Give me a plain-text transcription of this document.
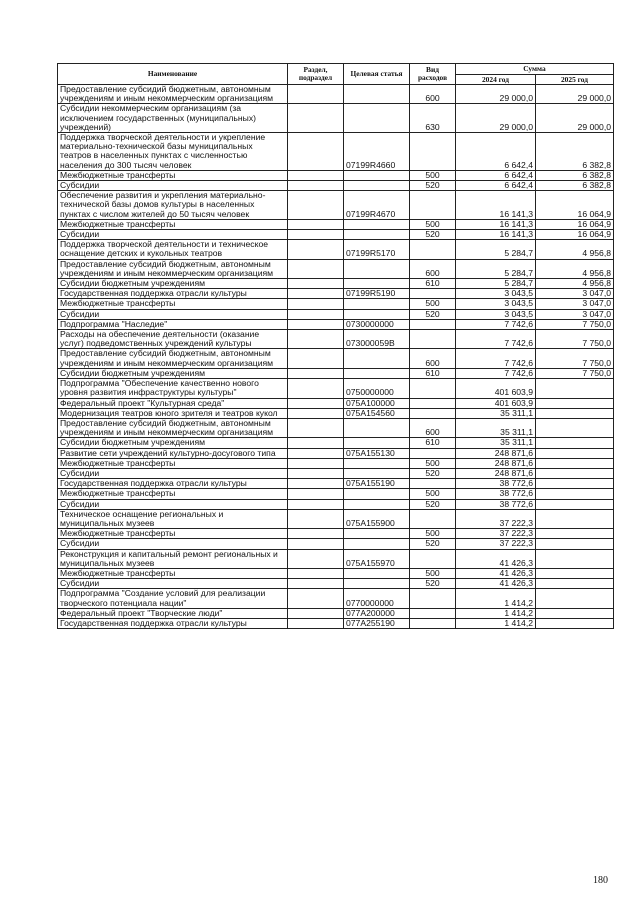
Наименование	Раздел, подраздел	Целевая статья	Вид расходов	Сумма	
				2024 год	2025 год
Предоставление субсидий бюджетным, автономным учреждениям и иным некоммерческим организациям			600	29 000,0	29 000,0
Субсидии некоммерческим организациям (за исключением государственных (муниципальных) учреждений)			630	29 000,0	29 000,0
Поддержка творческой деятельности и укрепление материально-технической базы муниципальных театров в населенных пунктах с численностью населения до 300 тысяч человек		07199R4660		6 642,4	6 382,8
Межбюджетные трансферты			500	6 642,4	6 382,8
Субсидии			520	6 642,4	6 382,8
Обеспечение развития и укрепления материально-технической базы домов культуры в населенных пунктах с числом жителей до 50 тысяч человек		07199R4670		16 141,3	16 064,9
Межбюджетные трансферты			500	16 141,3	16 064,9
Субсидии			520	16 141,3	16 064,9
Поддержка творческой деятельности и техническое оснащение детских и кукольных театров		07199R5170		5 284,7	4 956,8
Предоставление субсидий бюджетным, автономным учреждениям и иным некоммерческим организациям			600	5 284,7	4 956,8
Субсидии бюджетным учреждениям			610	5 284,7	4 956,8
Государственная поддержка отрасли культуры		07199R5190		3 043,5	3 047,0
Межбюджетные трансферты			500	3 043,5	3 047,0
Субсидии			520	3 043,5	3 047,0
Подпрограмма "Наследие"		0730000000		7 742,6	7 750,0
Расходы на обеспечение деятельности (оказание услуг) подведомственных учреждений культуры		073000059В		7 742,6	7 750,0
Предоставление субсидий бюджетным, автономным учреждениям и иным некоммерческим организациям			600	7 742,6	7 750,0
Субсидии бюджетным учреждениям			610	7 742,6	7 750,0
Подпрограмма "Обеспечение качественно нового уровня развития инфраструктуры культуры"		0750000000		401 603,9	
Федеральный проект "Культурная среда"		075А100000		401 603,9	
Модернизация театров юного зрителя и театров кукол		075А154560		35 311,1	
Предоставление субсидий бюджетным, автономным учреждениям и иным некоммерческим организациям			600	35 311,1	
Субсидии бюджетным учреждениям			610	35 311,1	
Развитие сети учреждений культурно-досугового типа		075А155130		248 871,6	
Межбюджетные трансферты			500	248 871,6	
Субсидии			520	248 871,6	
Государственная поддержка отрасли культуры		075А155190		38 772,6	
Межбюджетные трансферты			500	38 772,6	
Субсидии			520	38 772,6	
Техническое оснащение региональных и муниципальных музеев		075А155900		37 222,3	
Межбюджетные трансферты			500	37 222,3	
Субсидии			520	37 222,3	
Реконструкция и капитальный ремонт региональных и муниципальных музеев		075А155970		41 426,3	
Межбюджетные трансферты			500	41 426,3	
Субсидии			520	41 426,3	
Подпрограмма "Создание условий для реализации творческого потенциала нации"		0770000000		1 414,2	
Федеральный проект "Творческие люди"		077А200000		1 414,2	
Государственная поддержка отрасли культуры		077А255190		1 414,2	
180
